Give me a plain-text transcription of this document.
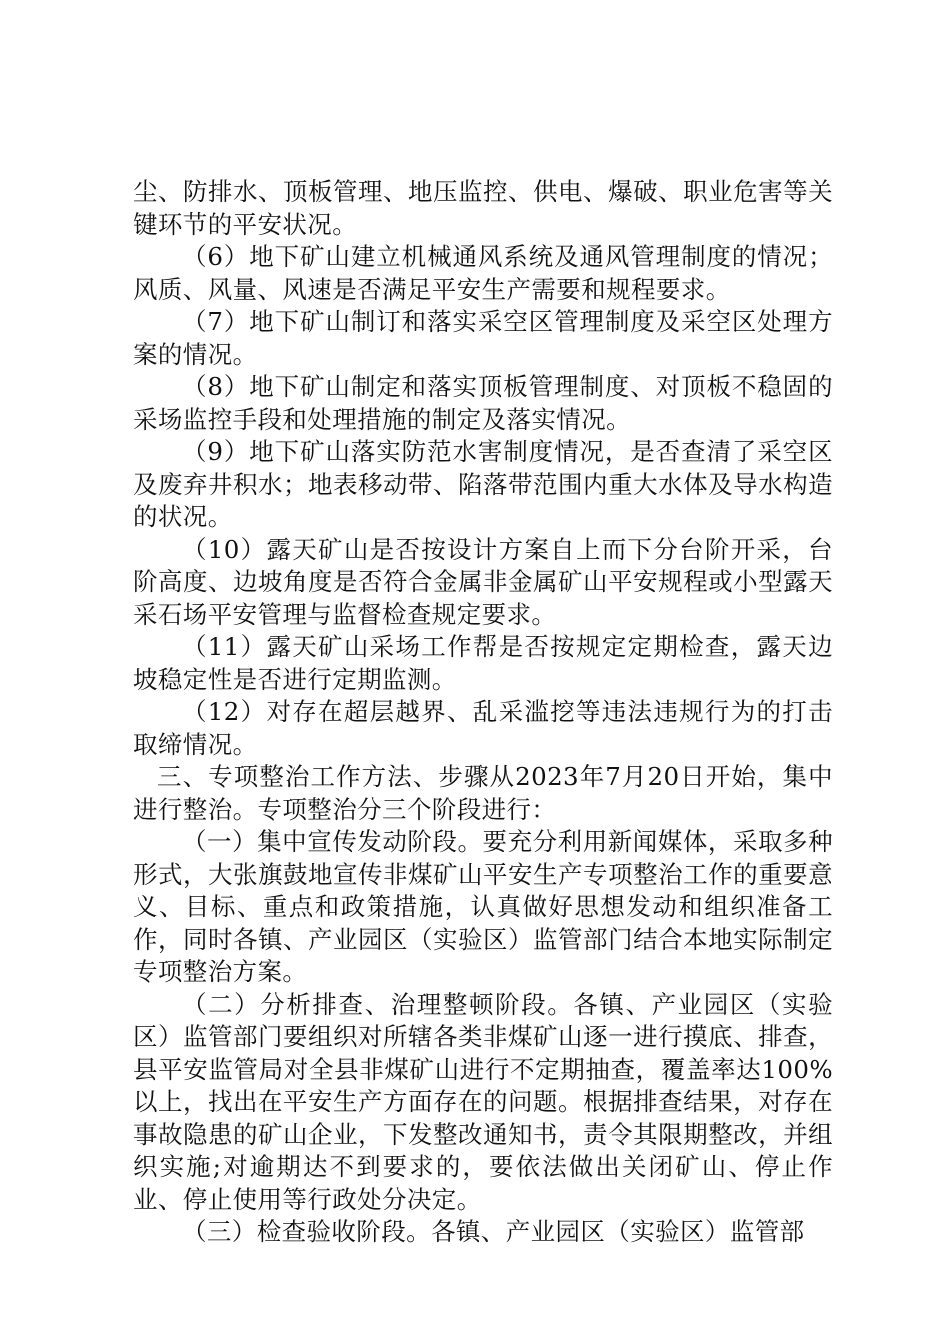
尘、防排水、顶板管理、地压监控、供电、爆破、职业危害等关键环节的平安状况。

（6）地下矿山建立机械通风系统及通风管理制度的情况；风质、风量、风速是否满足平安生产需要和规程要求。

（7）地下矿山制订和落实采空区管理制度及采空区处理方案的情况。

（8）地下矿山制定和落实顶板管理制度、对顶板不稳固的采场监控手段和处理措施的制定及落实情况。

（9）地下矿山落实防范水害制度情况，是否查清了采空区及废弃井积水；地表移动带、陷落带范围内重大水体及导水构造的状况。

（10）露天矿山是否按设计方案自上而下分台阶开采，台阶高度、边坡角度是否符合金属非金属矿山平安规程或小型露天采石场平安管理与监督检查规定要求。

（11）露天矿山采场工作帮是否按规定定期检查，露天边坡稳定性是否进行定期监测。

（12）对存在超层越界、乱采滥挖等违法违规行为的打击取缔情况。

三、专项整治工作方法、步骤从2023年7月20日开始，集中进行整治。专项整治分三个阶段进行：

（一）集中宣传发动阶段。要充分利用新闻媒体，采取多种形式，大张旗鼓地宣传非煤矿山平安生产专项整治工作的重要意义、目标、重点和政策措施，认真做好思想发动和组织准备工作，同时各镇、产业园区（实验区）监管部门结合本地实际制定专项整治方案。

（二）分析排查、治理整顿阶段。各镇、产业园区（实验区）监管部门要组织对所辖各类非煤矿山逐一进行摸底、排查，县平安监管局对全县非煤矿山进行不定期抽查，覆盖率达100%以上，找出在平安生产方面存在的问题。根据排查结果，对存在事故隐患的矿山企业，下发整改通知书，责令其限期整改，并组织实施;对逾期达不到要求的，要依法做出关闭矿山、停止作业、停止使用等行政处分决定。

（三）检查验收阶段。各镇、产业园区（实验区）监管部
